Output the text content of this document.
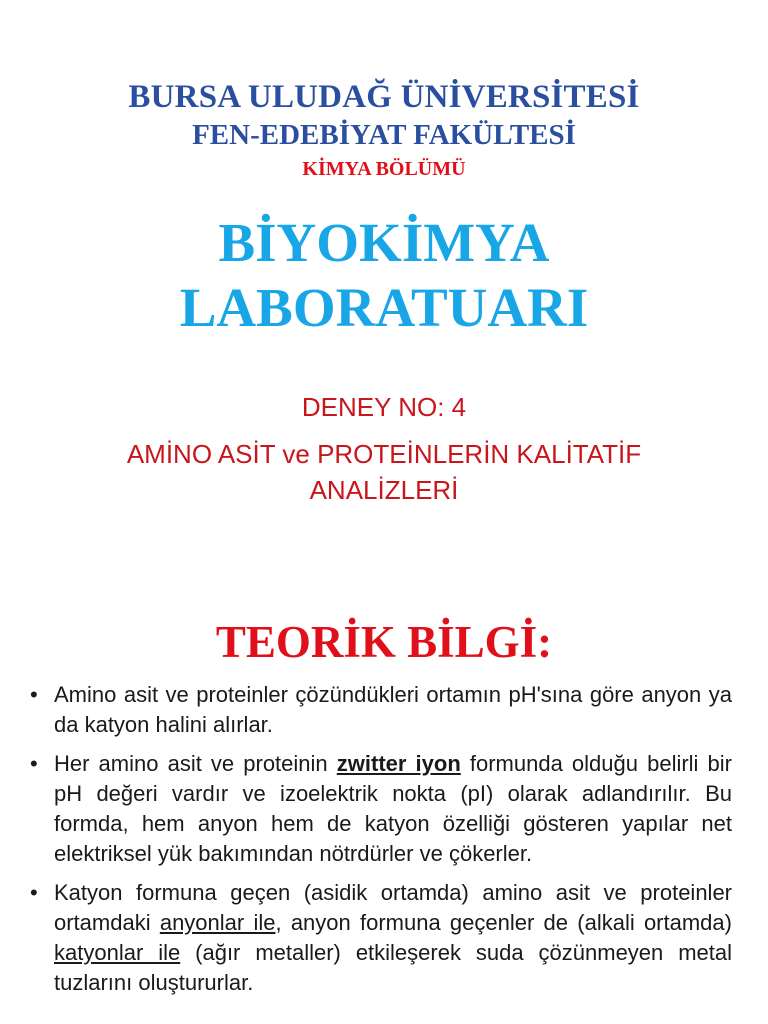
BURSA ULUDAĞ ÜNİVERSİTESİ
FEN-EDEBİYAT FAKÜLTESİ
KİMYA BÖLÜMÜ
BİYOKİMYA
LABORATUARI
DENEY NO: 4
AMİNO ASİT ve PROTEİNLERİN KALİTATİF
ANALİZLERİ
TEORİK BİLGİ:
• Amino asit ve proteinler çözündükleri ortamın pH'sına göre anyon ya da katyon halini alırlar.
• Her amino asit ve proteinin zwitter iyon formunda olduğu belirli bir pH değeri vardır ve izoelektrik nokta (pI) olarak adlandırılır. Bu formda, hem anyon hem de katyon özelliği gösteren yapılar net elektriksel yük bakımından nötrdürler ve çökerler.
• Katyon formuna geçen (asidik ortamda) amino asit ve proteinler ortamdaki anyonlar ile, anyon formuna geçenler de (alkali ortamda) katyonlar ile (ağır metaller) etkileşerek suda çözünmeyen metal tuzlarını oluştururlar.
